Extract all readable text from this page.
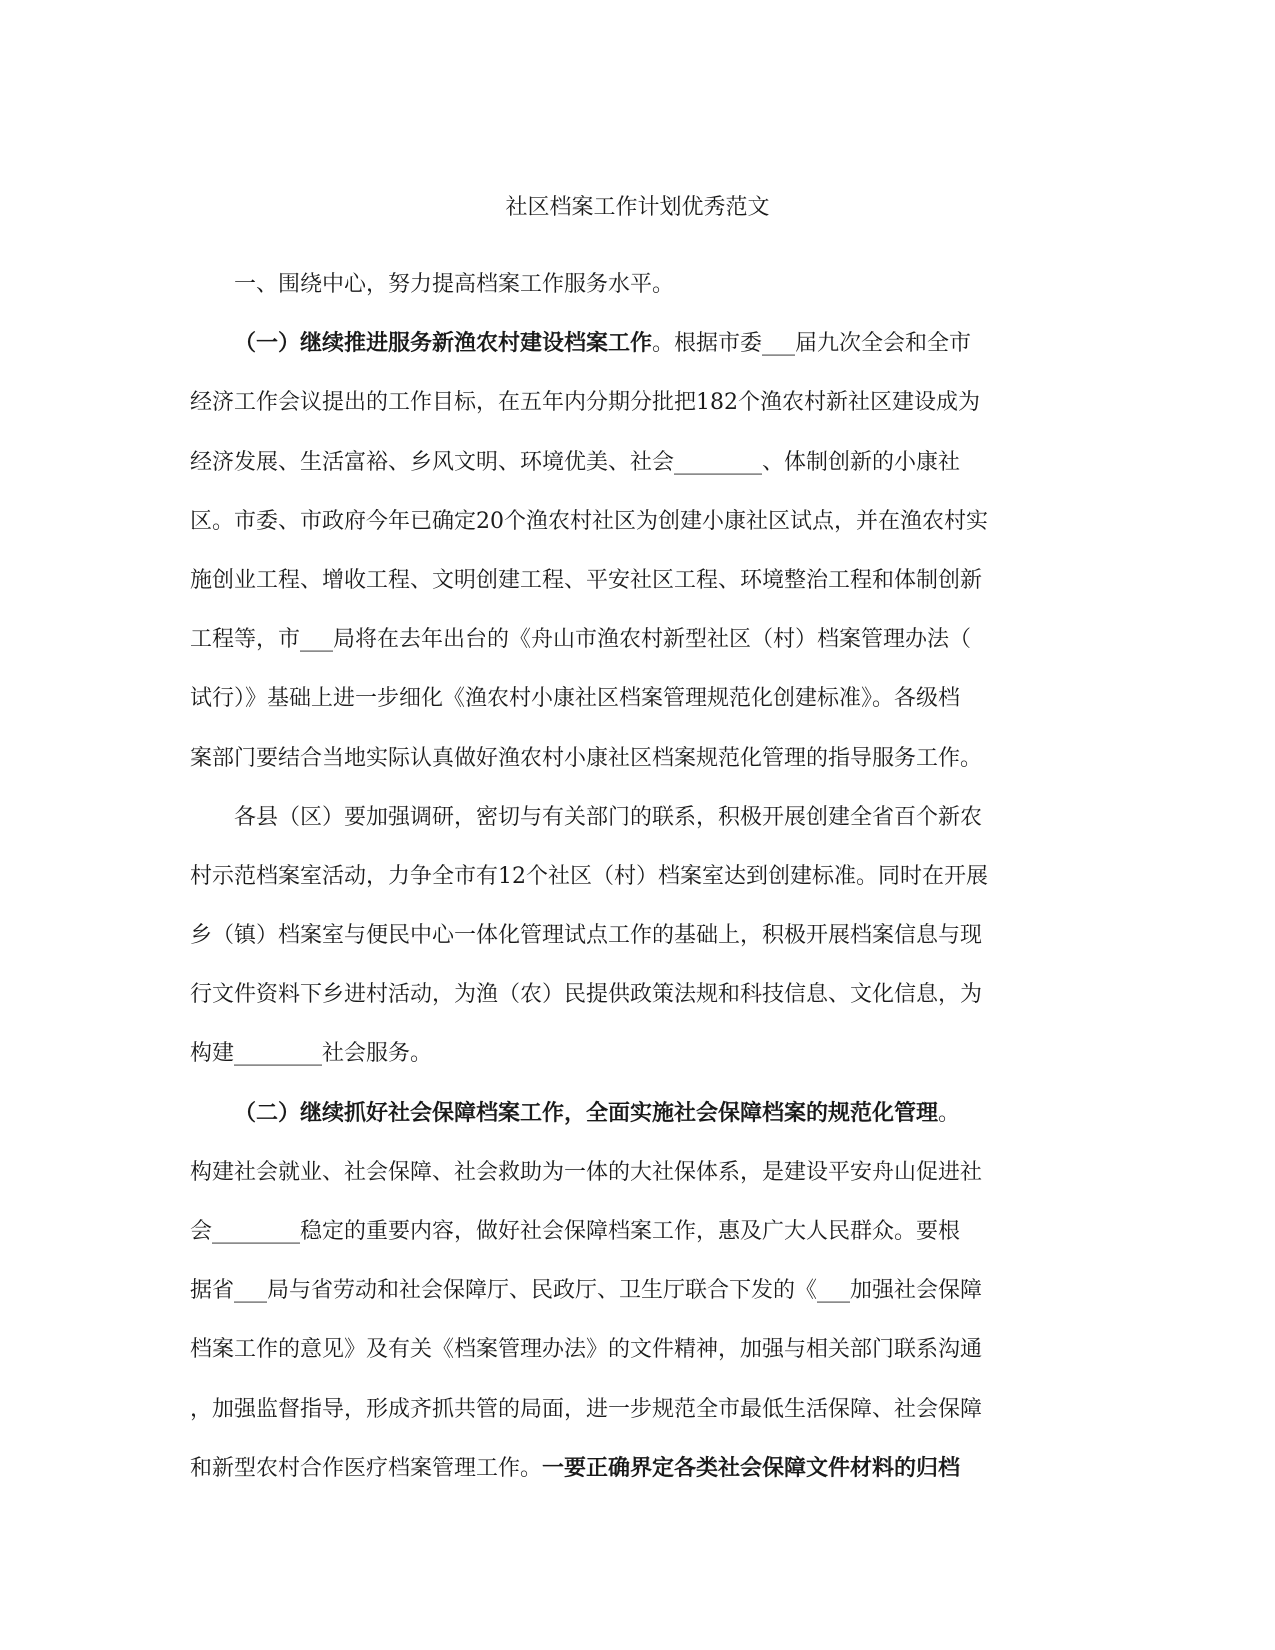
社区档案工作计划优秀范文
一、围绕中心，努力提高档案工作服务水平。
（一）继续推进服务新渔农村建设档案工作。根据市委___届九次全会和全市
经济工作会议提出的工作目标，在五年内分期分批把182个渔农村新社区建设成为
经济发展、生活富裕、乡风文明、环境优美、社会________、体制创新的小康社
区。市委、市政府今年已确定20个渔农村社区为创建小康社区试点，并在渔农村实
施创业工程、增收工程、文明创建工程、平安社区工程、环境整治工程和体制创新
工程等，市___局将在去年出台的《舟山市渔农村新型社区（村）档案管理办法（
试行）》基础上进一步细化《渔农村小康社区档案管理规范化创建标准》。各级档
案部门要结合当地实际认真做好渔农村小康社区档案规范化管理的指导服务工作。
各县（区）要加强调研，密切与有关部门的联系，积极开展创建全省百个新农
村示范档案室活动，力争全市有12个社区（村）档案室达到创建标准。同时在开展
乡（镇）档案室与便民中心一体化管理试点工作的基础上，积极开展档案信息与现
行文件资料下乡进村活动，为渔（农）民提供政策法规和科技信息、文化信息，为
构建________社会服务。
（二）继续抓好社会保障档案工作，全面实施社会保障档案的规范化管理。
构建社会就业、社会保障、社会救助为一体的大社保体系，是建设平安舟山促进社
会________稳定的重要内容，做好社会保障档案工作，惠及广大人民群众。要根
据省___局与省劳动和社会保障厅、民政厅、卫生厅联合下发的《___加强社会保障
档案工作的意见》及有关《档案管理办法》的文件精神，加强与相关部门联系沟通
，加强监督指导，形成齐抓共管的局面，进一步规范全市最低生活保障、社会保障
和新型农村合作医疗档案管理工作。一要正确界定各类社会保障文件材料的归档
